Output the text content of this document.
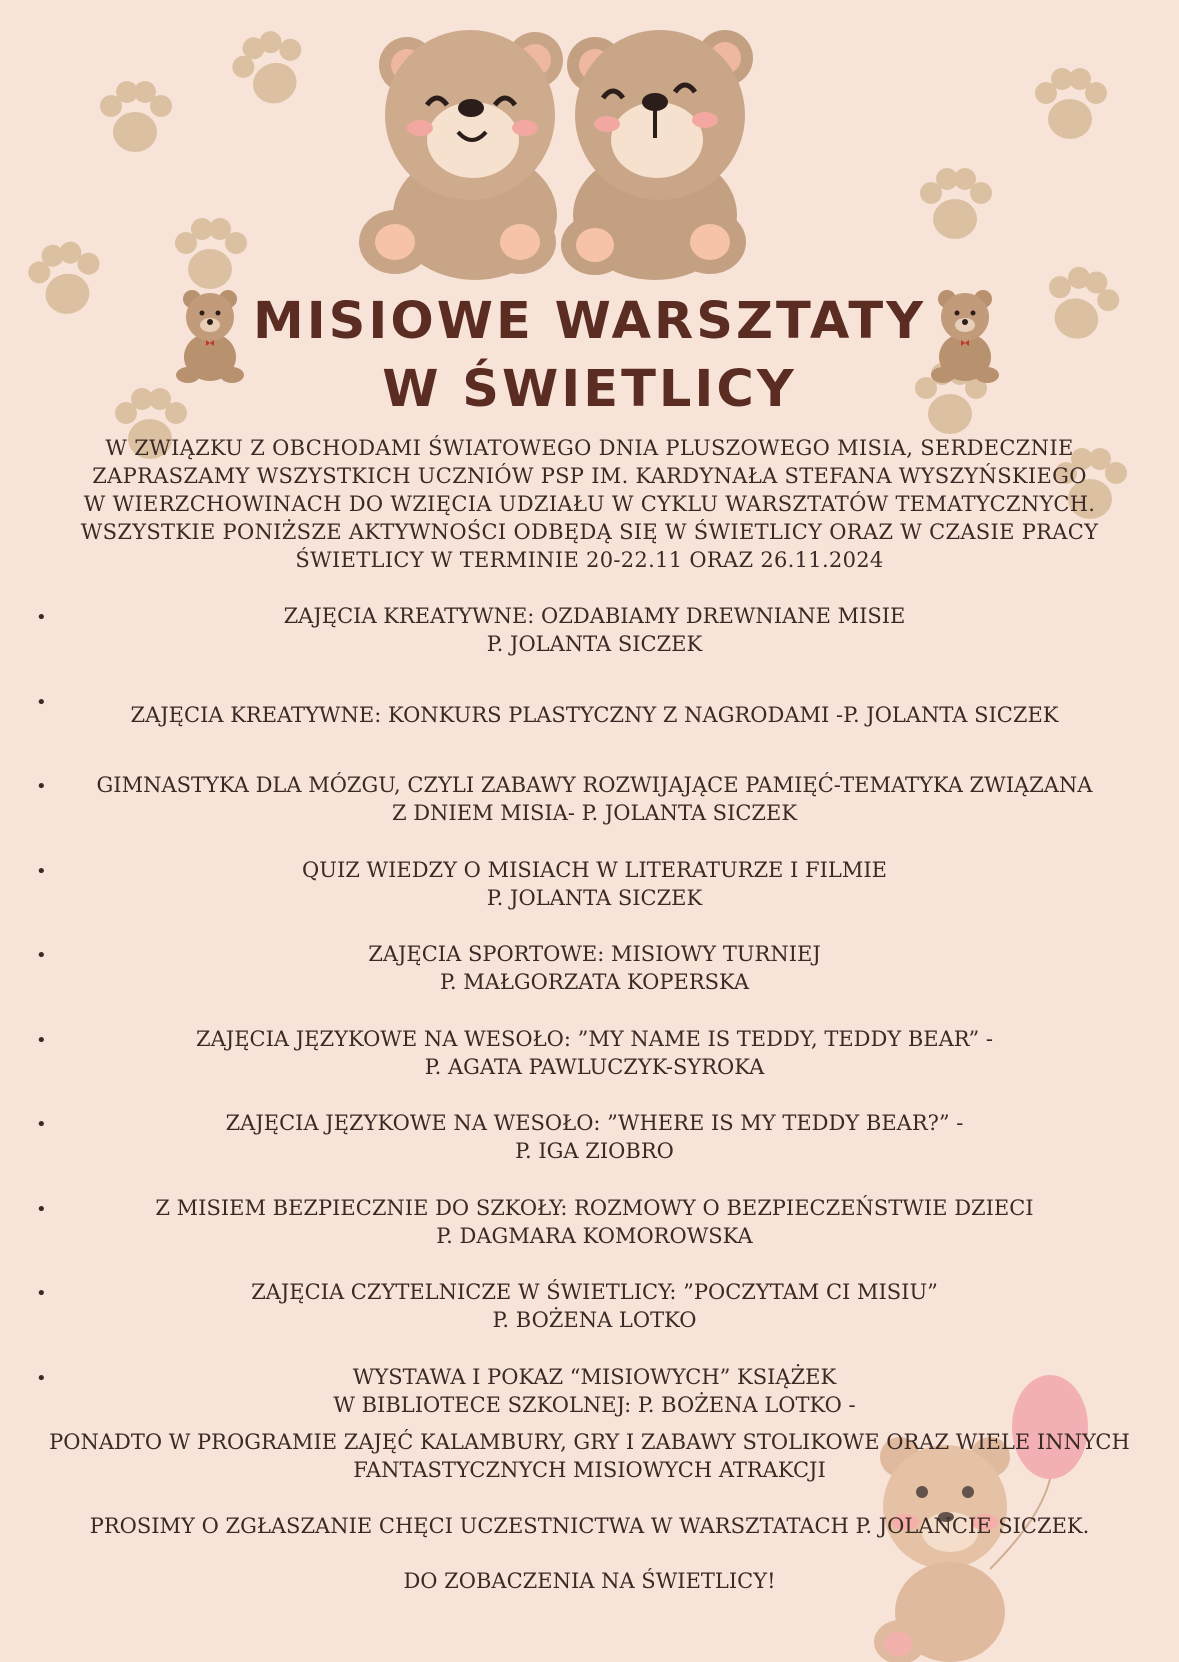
MISIOWE WARSZTATY
W ŚWIETLICY
W ZWIĄZKU Z OBCHODAMI ŚWIATOWEGO DNIA PLUSZOWEGO MISIA, SERDECZNIE
ZAPRASZAMY WSZYSTKICH UCZNIÓW PSP IM. KARDYNAŁA STEFANA WYSZYŃSKIEGO
W WIERZCHOWINACH DO WZIĘCIA UDZIAŁU W CYKLU WARSZTATÓW TEMATYCZNYCH.
WSZYSTKIE PONIŻSZE AKTYWNOŚCI ODBĘDĄ SIĘ W ŚWIETLICY ORAZ W CZASIE PRACY
ŚWIETLICY W TERMINIE 20-22.11 ORAZ 26.11.2024
•	ZAJĘCIA KREATYWNE: OZDABIAMY DREWNIANE MISIE
P. JOLANTA SICZEK
•
ZAJĘCIA KREATYWNE: KONKURS PLASTYCZNY Z NAGRODAMI -P. JOLANTA SICZEK
•	GIMNASTYKA DLA MÓZGU, CZYLI ZABAWY ROZWIJAJĄCE PAMIĘĆ-TEMATYKA ZWIĄZANA
Z DNIEM MISIA- P. JOLANTA SICZEK
•	QUIZ WIEDZY O MISIACH W LITERATURZE I FILMIE
P. JOLANTA SICZEK
•	ZAJĘCIA SPORTOWE: MISIOWY TURNIEJ
P. MAŁGORZATA KOPERSKA
•	ZAJĘCIA JĘZYKOWE NA WESOŁO: ”MY NAME IS TEDDY, TEDDY BEAR” -
P. AGATA PAWLUCZYK-SYROKA
•	ZAJĘCIA JĘZYKOWE NA WESOŁO: ”WHERE IS MY TEDDY BEAR?” -
P. IGA ZIOBRO
•	Z MISIEM BEZPIECZNIE DO SZKOŁY: ROZMOWY O BEZPIECZEŃSTWIE DZIECI
P. DAGMARA KOMOROWSKA
•	ZAJĘCIA CZYTELNICZE W ŚWIETLICY: ”POCZYTAM CI MISIU”
P. BOŻENA LOTKO
•	WYSTAWA I POKAZ “MISIOWYCH” KSIĄŻEK
W BIBLIOTECE SZKOLNEJ: P. BOŻENA LOTKO -
PONADTO W PROGRAMIE ZAJĘĆ KALAMBURY, GRY I ZABAWY STOLIKOWE ORAZ WIELE INNYCH
FANTASTYCZNYCH MISIOWYCH ATRAKCJI
PROSIMY O ZGŁASZANIE CHĘCI UCZESTNICTWA W WARSZTATACH P. JOLANCIE SICZEK.
DO ZOBACZENIA NA ŚWIETLICY!
